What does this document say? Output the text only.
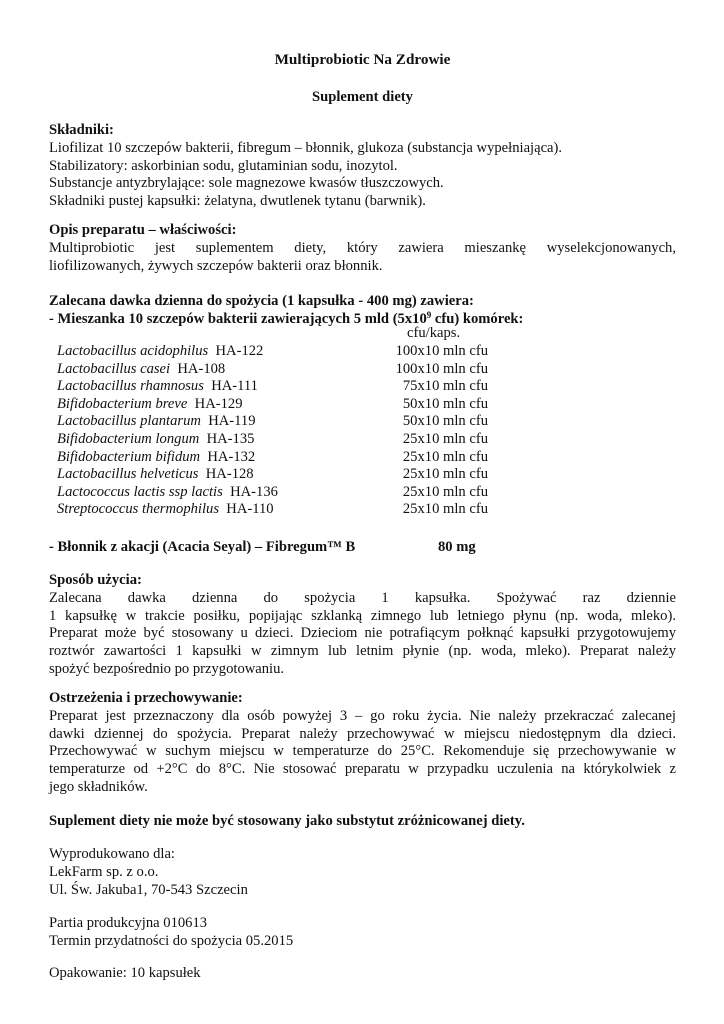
Multiprobiotic Na Zdrowie
Suplement diety
Składniki:
Liofilizat 10 szczepów bakterii, fibregum – błonnik, glukoza (substancja wypełniająca).
Stabilizatory: askorbinian sodu, glutaminian sodu, inozytol.
Substancje antyzbrylające: sole magnezowe kwasów tłuszczowych.
Składniki pustej kapsułki: żelatyna, dwutlenek tytanu (barwnik).
Opis preparatu – właściwości:
Multiprobiotic jest suplementem diety, który zawiera mieszankę wyselekcjonowanych,
liofilizowanych, żywych szczepów bakterii oraz błonnik.
Zalecana dawka dzienna do spożycia (1 kapsułka - 400 mg) zawiera:
- Mieszanka 10 szczepów bakterii zawierających 5 mld ($5x10^9$ cfu) komórek:
cfu/kaps.
Lactobacillus acidophilus HA-122	100x10 mln cfu
Lactobacillus casei HA-108	100x10 mln cfu
Lactobacillus rhamnosus HA-111	75x10 mln cfu
Bifidobacterium breve HA-129	50x10 mln cfu
Lactobacillus plantarum HA-119	50x10 mln cfu
Bifidobacterium longum HA-135	25x10 mln cfu
Bifidobacterium bifidum HA-132	25x10 mln cfu
Lactobacillus helveticus HA-128	25x10 mln cfu
Lactococcus lactis ssp lactis HA-136	25x10 mln cfu
Streptococcus thermophilus HA-110	25x10 mln cfu
- Błonnik z akacji (Acacia Seyal) – Fibregum™ B	80 mg
Sposób użycia:
Zalecana dawka dzienna do spożycia 1 kapsułka. Spożywać raz dziennie
1 kapsułkę w trakcie posiłku, popijając szklanką zimnego lub letniego płynu (np. woda, mleko).
Preparat może być stosowany u dzieci. Dzieciom nie potrafiącym połknąć kapsułki przygotowujemy
roztwór zawartości 1 kapsułki w zimnym lub letnim płynie (np. woda, mleko). Preparat należy
spożyć bezpośrednio po przygotowaniu.
Ostrzeżenia i przechowywanie:
Preparat jest przeznaczony dla osób powyżej 3 – go roku życia. Nie należy przekraczać zalecanej
dawki dziennej do spożycia. Preparat należy przechowywać w miejscu niedostępnym dla dzieci.
Przechowywać w suchym miejscu w temperaturze do 25°C. Rekomenduje się przechowywanie w
temperaturze od +2°C do 8°C. Nie stosować preparatu w przypadku uczulenia na którykolwiek z
jego składników.
Suplement diety nie może być stosowany jako substytut zróżnicowanej diety.
Wyprodukowano dla:
LekFarm sp. z o.o.
Ul. Św. Jakuba1, 70-543 Szczecin
Partia produkcyjna 010613
Termin przydatności do spożycia 05.2015
Opakowanie: 10 kapsułek
